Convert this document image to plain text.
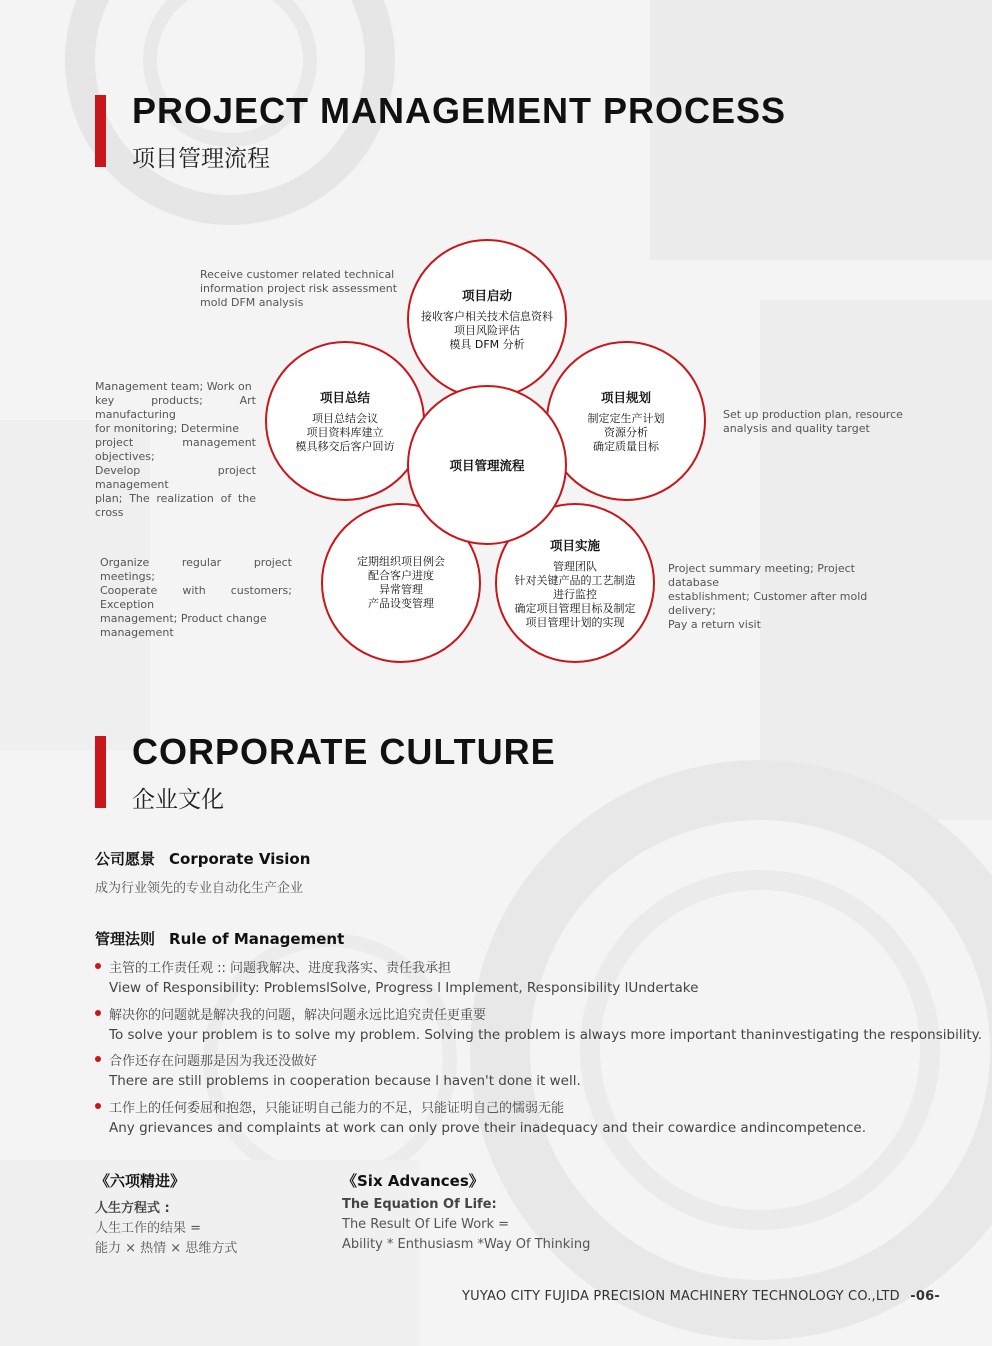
PROJECT MANAGEMENT PROCESS
项目管理流程
项目启动
接收客户相关技术信息资料
项目风险评估
模具 DFM 分析
项目规划
制定定生产计划
资源分析
确定质量目标
项目实施
管理团队
针对关键产品的工艺制造
进行监控
确定项目管理目标及制定
项目管理计划的实现
定期组织项目例会
配合客户进度
异常管理
产品设变管理
项目总结
项目总结会议
项目资料库建立
模具移交后客户回访
项目管理流程
Receive customer related technical
information project risk assessment
mold DFM analysis
Set up production plan, resource
analysis and quality target
Project summary meeting; Project database
establishment; Customer after mold delivery;
Pay a return visit
Organize regular project meetings;
Cooperate with customers; Exception
management; Product change
management
Management team; Work on
key products; Art manufacturing
for monitoring; Determine
project management objectives;
Develop project management
plan; The realization of the cross
CORPORATE CULTURE
企业文化
公司愿景 Corporate Vision
成为行业领先的专业自动化生产企业
管理法则 Rule of Management
主管的工作责任观 :: 问题我解决、进度我落实、责任我承担
View of Responsibility: ProblemslSolve, Progress l Implement, Responsibility lUndertake
解决你的问题就是解决我的问题，解决问题永远比追究责任更重要
To solve your problem is to solve my problem. Solving the problem is always more important thaninvestigating the responsibility.
合作还存在问题那是因为我还没做好
There are still problems in cooperation because l haven't done it well.
工作上的任何委屈和抱怨，只能证明自己能力的不足，只能证明自己的懦弱无能
Any grievances and complaints at work can only prove their inadequacy and their cowardice andincompetence.
《六项精进》
人生方程式 :
人生工作的结果 =
能力 × 热情 × 思维方式
《Six Advances》
The Equation Of Life:
The Result Of Life Work =
Ability * Enthusiasm *Way Of Thinking
YUYAO CITY FUJIDA PRECISION MACHINERY TECHNOLOGY CO.,LTD -06-
